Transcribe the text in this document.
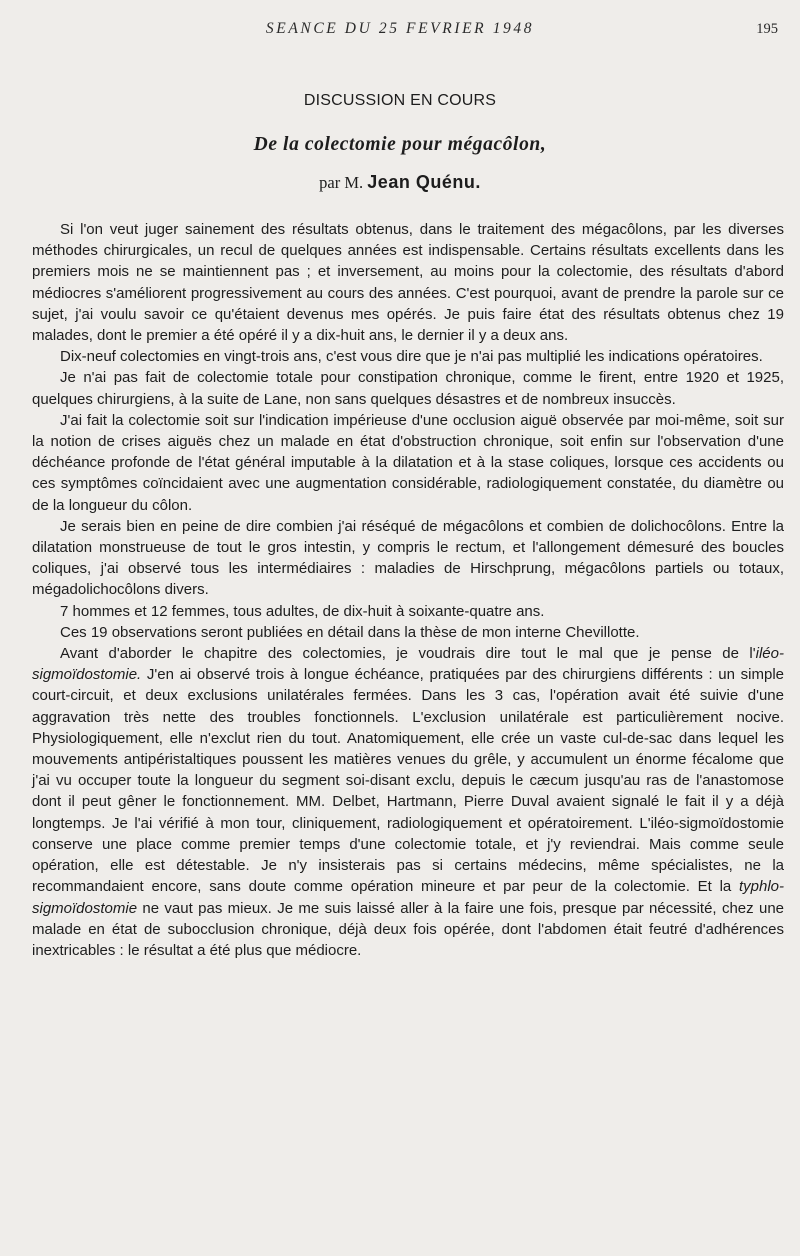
SEANCE DU 25 FEVRIER 1948	195
DISCUSSION EN COURS
De la colectomie pour mégacôlon,
par M. Jean Quénu.

Si l'on veut juger sainement des résultats obtenus, dans le traitement des mégacôlons, par les diverses méthodes chirurgicales, un recul de quelques années est indispensable. Certains résultats excellents dans les premiers mois ne se maintiennent pas ; et inversement, au moins pour la colectomie, des résultats d'abord médiocres s'améliorent progressivement au cours des années. C'est pourquoi, avant de prendre la parole sur ce sujet, j'ai voulu savoir ce qu'étaient devenus mes opérés. Je puis faire état des résultats obtenus chez 19 malades, dont le premier a été opéré il y a dix-huit ans, le dernier il y a deux ans.

Dix-neuf colectomies en vingt-trois ans, c'est vous dire que je n'ai pas multiplié les indications opératoires.

Je n'ai pas fait de colectomie totale pour constipation chronique, comme le firent, entre 1920 et 1925, quelques chirurgiens, à la suite de Lane, non sans quelques désastres et de nombreux insuccès.

J'ai fait la colectomie soit sur l'indication impérieuse d'une occlusion aiguë observée par moi-même, soit sur la notion de crises aiguës chez un malade en état d'obstruction chronique, soit enfin sur l'observation d'une déchéance profonde de l'état général imputable à la dilatation et à la stase coliques, lorsque ces accidents ou ces symptômes coïncidaient avec une augmentation considérable, radiologiquement constatée, du diamètre ou de la longueur du côlon.

Je serais bien en peine de dire combien j'ai réséqué de mégacôlons et combien de dolichocôlons. Entre la dilatation monstrueuse de tout le gros intestin, y compris le rectum, et l'allongement démesuré des boucles coliques, j'ai observé tous les intermédiaires : maladies de Hirschprung, mégacôlons partiels ou totaux, mégadolichocôlons divers.

7 hommes et 12 femmes, tous adultes, de dix-huit à soixante-quatre ans.

Ces 19 observations seront publiées en détail dans la thèse de mon interne Chevillotte.

Avant d'aborder le chapitre des colectomies, je voudrais dire tout le mal que je pense de l'iléo-sigmoïdostomie. J'en ai observé trois à longue échéance, pratiquées par des chirurgiens différents : un simple court-circuit, et deux exclusions unilatérales fermées. Dans les 3 cas, l'opération avait été suivie d'une aggravation très nette des troubles fonctionnels. L'exclusion unilatérale est particulièrement nocive. Physiologiquement, elle n'exclut rien du tout. Anatomiquement, elle crée un vaste cul-de-sac dans lequel les mouvements antipéristaltiques poussent les matières venues du grêle, y accumulent un énorme fécalome que j'ai vu occuper toute la longueur du segment soi-disant exclu, depuis le cæcum jusqu'au ras de l'anastomose dont il peut gêner le fonctionnement. MM. Delbet, Hartmann, Pierre Duval avaient signalé le fait il y a déjà longtemps. Je l'ai vérifié à mon tour, cliniquement, radiologiquement et opératoirement. L'iléo-sigmoïdostomie conserve une place comme premier temps d'une colectomie totale, et j'y reviendrai. Mais comme seule opération, elle est détestable. Je n'y insisterais pas si certains médecins, même spécialistes, ne la recommandaient encore, sans doute comme opération mineure et par peur de la colectomie. Et la typhlo-sigmoïdostomie ne vaut pas mieux. Je me suis laissé aller à la faire une fois, presque par nécessité, chez une malade en état de subocclusion chronique, déjà deux fois opérée, dont l'abdomen était feutré d'adhérences inextricables : le résultat a été plus que médiocre.
